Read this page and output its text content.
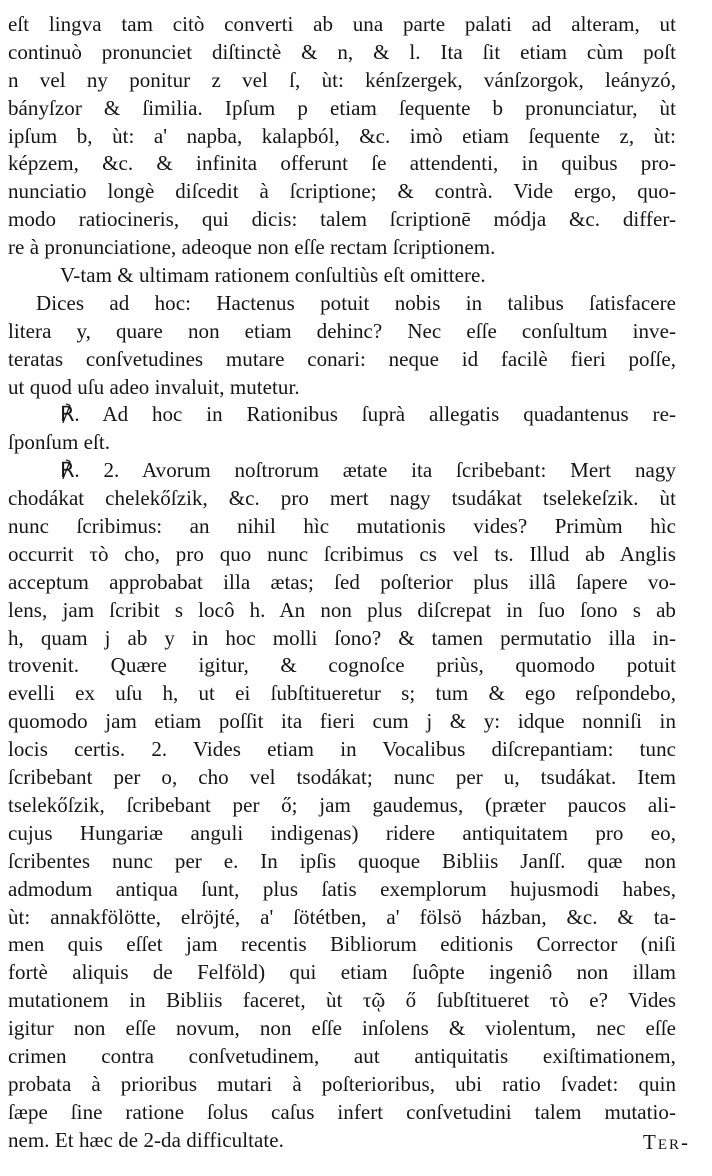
eſt lingva tam citò converti ab una parte palati ad alteram, ut
continuò pronunciet diſtinctè & n, & l. Ita ſit etiam cùm poſt
n vel ny ponitur z vel ſ, ùt: kénſzergek, vánſzorgok, leányzó,
bányſzor & ſimilia. Ipſum p etiam ſequente b pronunciatur, ùt
ipſum b, ùt: a' napba, kalapból, &c. imò etiam ſequente z, ùt:
képzem, &c. & infinita offerunt ſe attendenti, in quibus pro-
nunciatio longè diſcedit à ſcriptione; & contrà. Vide ergo, quo-
modo ratiocineris, qui dicis: talem ſcriptionē módja &c. differ-
re à pronunciatione, adeoque non eſſe rectam ſcriptionem.
V-tam & ultimam rationem conſultiùs eſt omittere.
Dices ad hoc: Hactenus potuit nobis in talibus ſatisfacere
litera y, quare non etiam dehinc? Nec eſſe conſultum inve-
teratas conſvetudines mutare conari: neque id facilè fieri poſſe,
ut quod uſu adeo invaluit, mutetur.
℟. Ad hoc in Rationibus ſuprà allegatis quadantenus re-
ſponſum eſt.
℟. 2. Avorum noſtrorum ætate ita ſcribebant: Mert nagy
chodákat chelekőſzik, &c. pro mert nagy tsudákat tselekeſzik. ùt
nunc ſcribimus: an nihil hìc mutationis vides? Primùm hìc
occurrit τò cho, pro quo nunc ſcribimus cs vel ts. Illud ab Anglis
acceptum approbabat illa ætas; ſed poſterior plus illâ ſapere vo-
lens, jam ſcribit s locô h. An non plus diſcrepat in ſuo ſono s ab
h, quam j ab y in hoc molli ſono? & tamen permutatio illa in-
trovenit. Quære igitur, & cognoſce priùs, quomodo potuit
evelli ex uſu h, ut ei ſubſtitueretur s; tum & ego reſpondebo,
quomodo jam etiam poſſit ita fieri cum j & y: idque nonniſi in
locis certis. 2. Vides etiam in Vocalibus diſcrepantiam: tunc
ſcribebant per o, cho vel tsodákat; nunc per u, tsudákat. Item
tselekőſzik, ſcribebant per ő; jam gaudemus, (præter paucos ali-
cujus Hungariæ anguli indigenas) ridere antiquitatem pro eo,
ſcribentes nunc per e. In ipſis quoque Bibliis Janſſ. quæ non
admodum antiqua ſunt, plus ſatis exemplorum hujusmodi habes,
ùt: annakfölötte, elröjté, a' ſötétben, a' fölsö házban, &c. & ta-
men quis eſſet jam recentis Bibliorum editionis Corrector (niſi
fortè aliquis de Felföld) qui etiam ſuôpte ingeniô non illam
mutationem in Bibliis faceret, ùt τῷ ő ſubſtitueret τò e? Vides
igitur non eſſe novum, non eſſe inſolens & violentum, nec eſſe
crimen contra conſvetudinem, aut antiquitatis exiſtimationem,
probata à prioribus mutari à poſterioribus, ubi ratio ſvadet: quin
ſæpe ſine ratione ſolus caſus infert conſvetudini talem mutatio-
nem. Et hæc de 2-da difficultate.	Ter-
